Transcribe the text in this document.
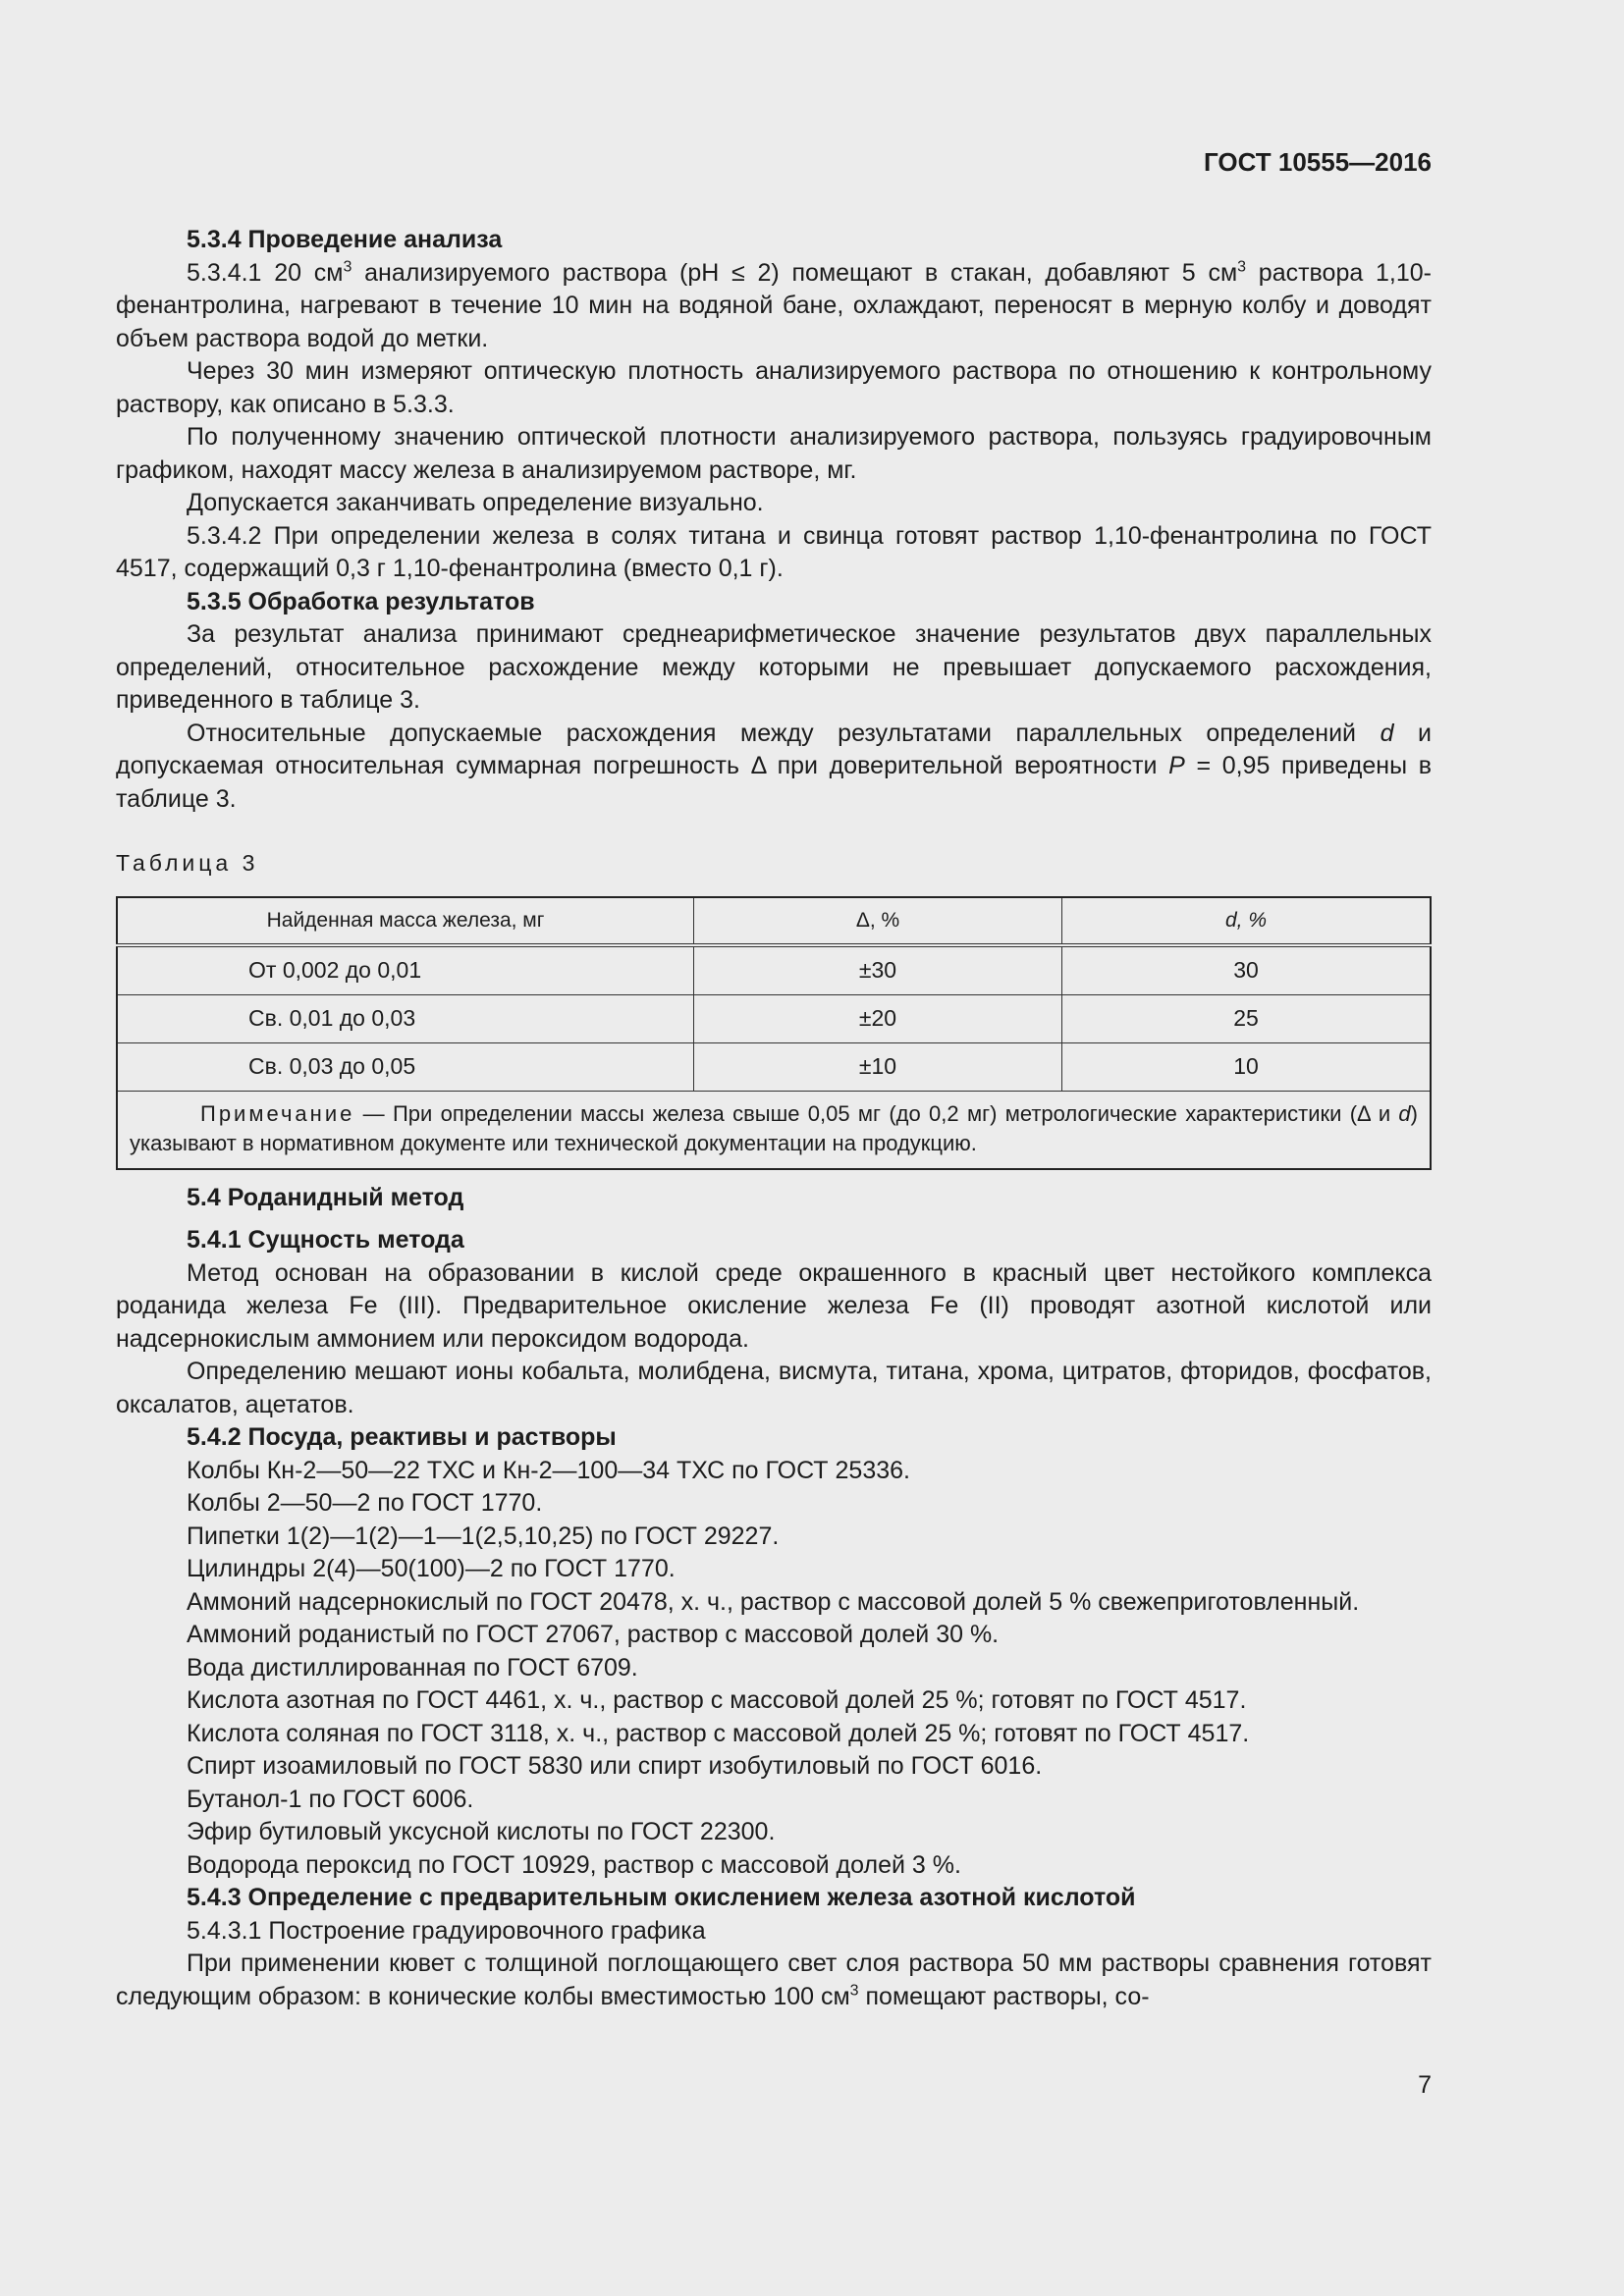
ГОСТ 10555—2016

5.3.4 Проведение анализа

5.3.4.1 20 $см^3$ анализируемого раствора (pH ≤ 2) помещают в стакан, добавляют 5 $см^3$ раствора 1,10-фенантролина, нагревают в течение 10 мин на водяной бане, охлаждают, переносят в мерную колбу и доводят объем раствора водой до метки.

Через 30 мин измеряют оптическую плотность анализируемого раствора по отношению к контрольному раствору, как описано в 5.3.3.

По полученному значению оптической плотности анализируемого раствора, пользуясь градуировочным графиком, находят массу железа в анализируемом растворе, мг.

Допускается заканчивать определение визуально.

5.3.4.2 При определении железа в солях титана и свинца готовят раствор 1,10-фенантролина по ГОСТ 4517, содержащий 0,3 г 1,10-фенантролина (вместо 0,1 г).

5.3.5 Обработка результатов

За результат анализа принимают среднеарифметическое значение результатов двух параллельных определений, относительное расхождение между которыми не превышает допускаемого расхождения, приведенного в таблице 3.

Относительные допускаемые расхождения между результатами параллельных определений d и допускаемая относительная суммарная погрешность Δ при доверительной вероятности P = 0,95 приведены в таблице 3.

Таблица 3

Найденная масса железа, мг	Δ, %	d, %
От 0,002 до 0,01	±30	30
Св. 0,01 до 0,03	±20	25
Св. 0,03 до 0,05	±10	10
Примечание — При определении массы железа свыше 0,05 мг (до 0,2 мг) метрологические характеристики (Δ и d) указывают в нормативном документе или технической документации на продукцию.		

5.4 Роданидный метод

5.4.1 Сущность метода

Метод основан на образовании в кислой среде окрашенного в красный цвет нестойкого комплекса роданида железа Fe (III). Предварительное окисление железа Fe (II) проводят азотной кислотой или надсернокислым аммонием или пероксидом водорода.

Определению мешают ионы кобальта, молибдена, висмута, титана, хрома, цитратов, фторидов, фосфатов, оксалатов, ацетатов.

5.4.2 Посуда, реактивы и растворы

Колбы Кн-2—50—22 ТХС и Кн-2—100—34 ТХС по ГОСТ 25336.

Колбы 2—50—2 по ГОСТ 1770.

Пипетки 1(2)—1(2)—1—1(2,5,10,25) по ГОСТ 29227.

Цилиндры 2(4)—50(100)—2 по ГОСТ 1770.

Аммоний надсернокислый по ГОСТ 20478, х. ч., раствор с массовой долей 5 % свежеприготовленный.

Аммоний роданистый по ГОСТ 27067, раствор с массовой долей 30 %.

Вода дистиллированная по ГОСТ 6709.

Кислота азотная по ГОСТ 4461, х. ч., раствор с массовой долей 25 %; готовят по ГОСТ 4517.

Кислота соляная по ГОСТ 3118, х. ч., раствор с массовой долей 25 %; готовят по ГОСТ 4517.

Спирт изоамиловый по ГОСТ 5830 или спирт изобутиловый по ГОСТ 6016.

Бутанол-1 по ГОСТ 6006.

Эфир бутиловый уксусной кислоты по ГОСТ 22300.

Водорода пероксид по ГОСТ 10929, раствор с массовой долей 3 %.

5.4.3 Определение с предварительным окислением железа азотной кислотой

5.4.3.1 Построение градуировочного графика

При применении кювет с толщиной поглощающего свет слоя раствора 50 мм растворы сравнения готовят следующим образом: в конические колбы вместимостью 100 $см^3$ помещают растворы, со-

7
